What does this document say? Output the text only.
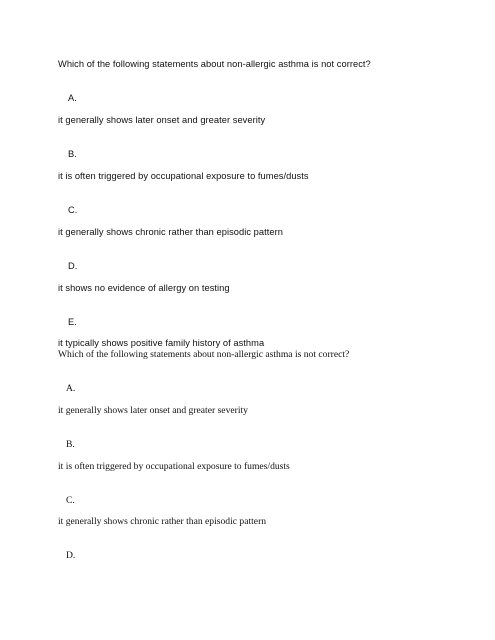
Which of the following statements about non-allergic asthma is not correct?

A.

it generally shows later onset and greater severity

B.

it is often triggered by occupational exposure to fumes/dusts

C.

it generally shows chronic rather than episodic pattern

D.

it shows no evidence of allergy on testing

E.

it typically shows positive family history of asthma

Which of the following statements about non-allergic asthma is not correct?

A.

it generally shows later onset and greater severity

B.

it is often triggered by occupational exposure to fumes/dusts

C.

it generally shows chronic rather than episodic pattern

D.
